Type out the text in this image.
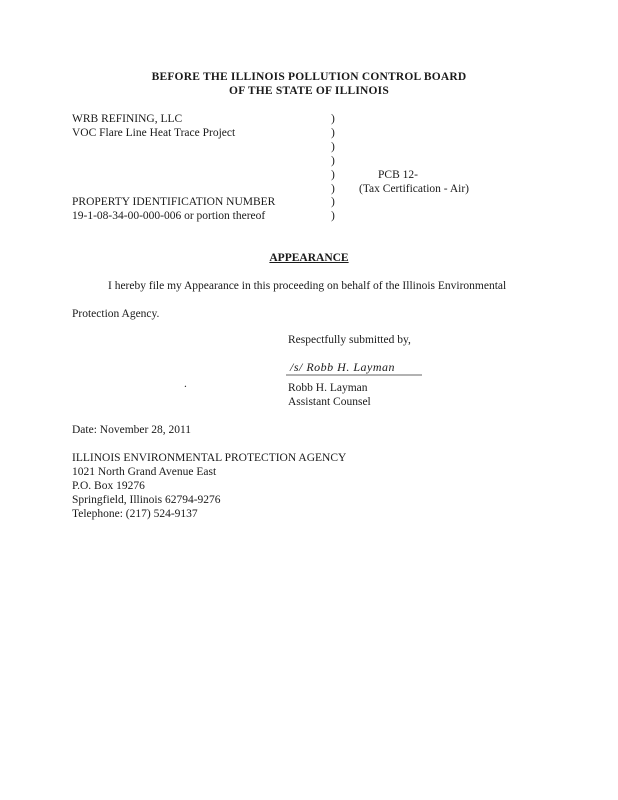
BEFORE THE ILLINOIS POLLUTION CONTROL BOARD
OF THE STATE OF ILLINOIS
WRB REFINING, LLC
VOC Flare Line Heat Trace Project
PROPERTY IDENTIFICATION NUMBER
19-1-08-34-00-000-006 or portion thereof
)
)
)
)
)
)
)
)
PCB 12-
(Tax Certification - Air)
APPEARANCE
I hereby file my Appearance in this proceeding on behalf of the Illinois Environmental
Protection Agency.
Respectfully submitted by,
/s/ Robb H. Layman
.	Robb H. Layman
Assistant Counsel
Date: November 28, 2011
ILLINOIS ENVIRONMENTAL PROTECTION AGENCY
1021 North Grand Avenue East
P.O. Box 19276
Springfield, Illinois 62794-9276
Telephone: (217) 524-9137
